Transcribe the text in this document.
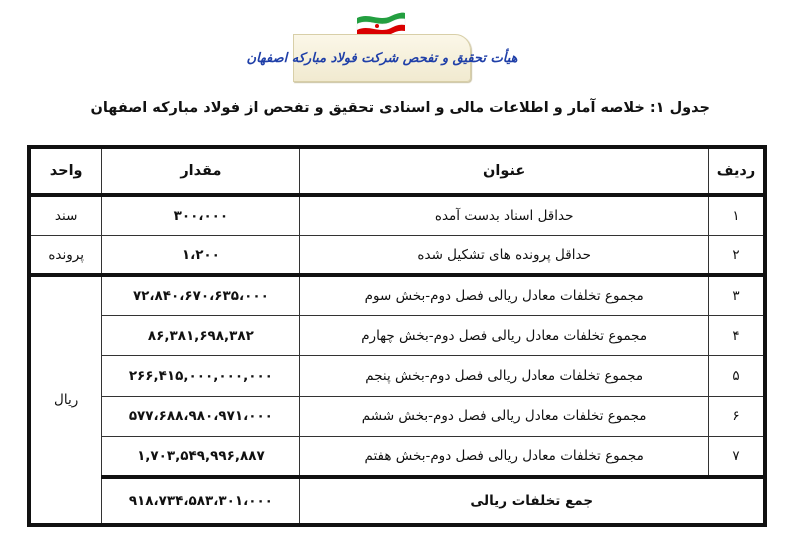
هیأت تحقیق و تفحص شرکت فولاد مبارکه اصفهان
جدول ۱: خلاصه آمار و اطلاعات مالی و اسنادی تحقیق و تفحص از فولاد مبارکه اصفهان
ردیف	عنوان	مقدار	واحد
۱	حداقل اسناد بدست آمده	۳۰۰،۰۰۰	سند
۲	حداقل پرونده های تشکیل شده	۱،۲۰۰	پرونده
۳	مجموع تخلفات معادل ریالی فصل دوم-بخش سوم	۷۲،۸۴۰،۶۷۰،۶۳۵،۰۰۰	ریال
۴	مجموع تخلفات معادل ریالی فصل دوم-بخش چهارم	۸۶,۳۸۱,۶۹۸,۳۸۲	
۵	مجموع تخلفات معادل ریالی فصل دوم-بخش پنجم	۲۶۶,۴۱۵,۰۰۰,۰۰۰,۰۰۰	
۶	مجموع تخلفات معادل ریالی فصل دوم-بخش ششم	۵۷۷،۶۸۸،۹۸۰،۹۷۱،۰۰۰	
۷	مجموع تخلفات معادل ریالی فصل دوم-بخش هفتم	۱,۷۰۳,۵۴۹,۹۹۶,۸۸۷	
جمع تخلفات ریالی		۹۱۸،۷۳۴،۵۸۳،۳۰۱،۰۰۰	
